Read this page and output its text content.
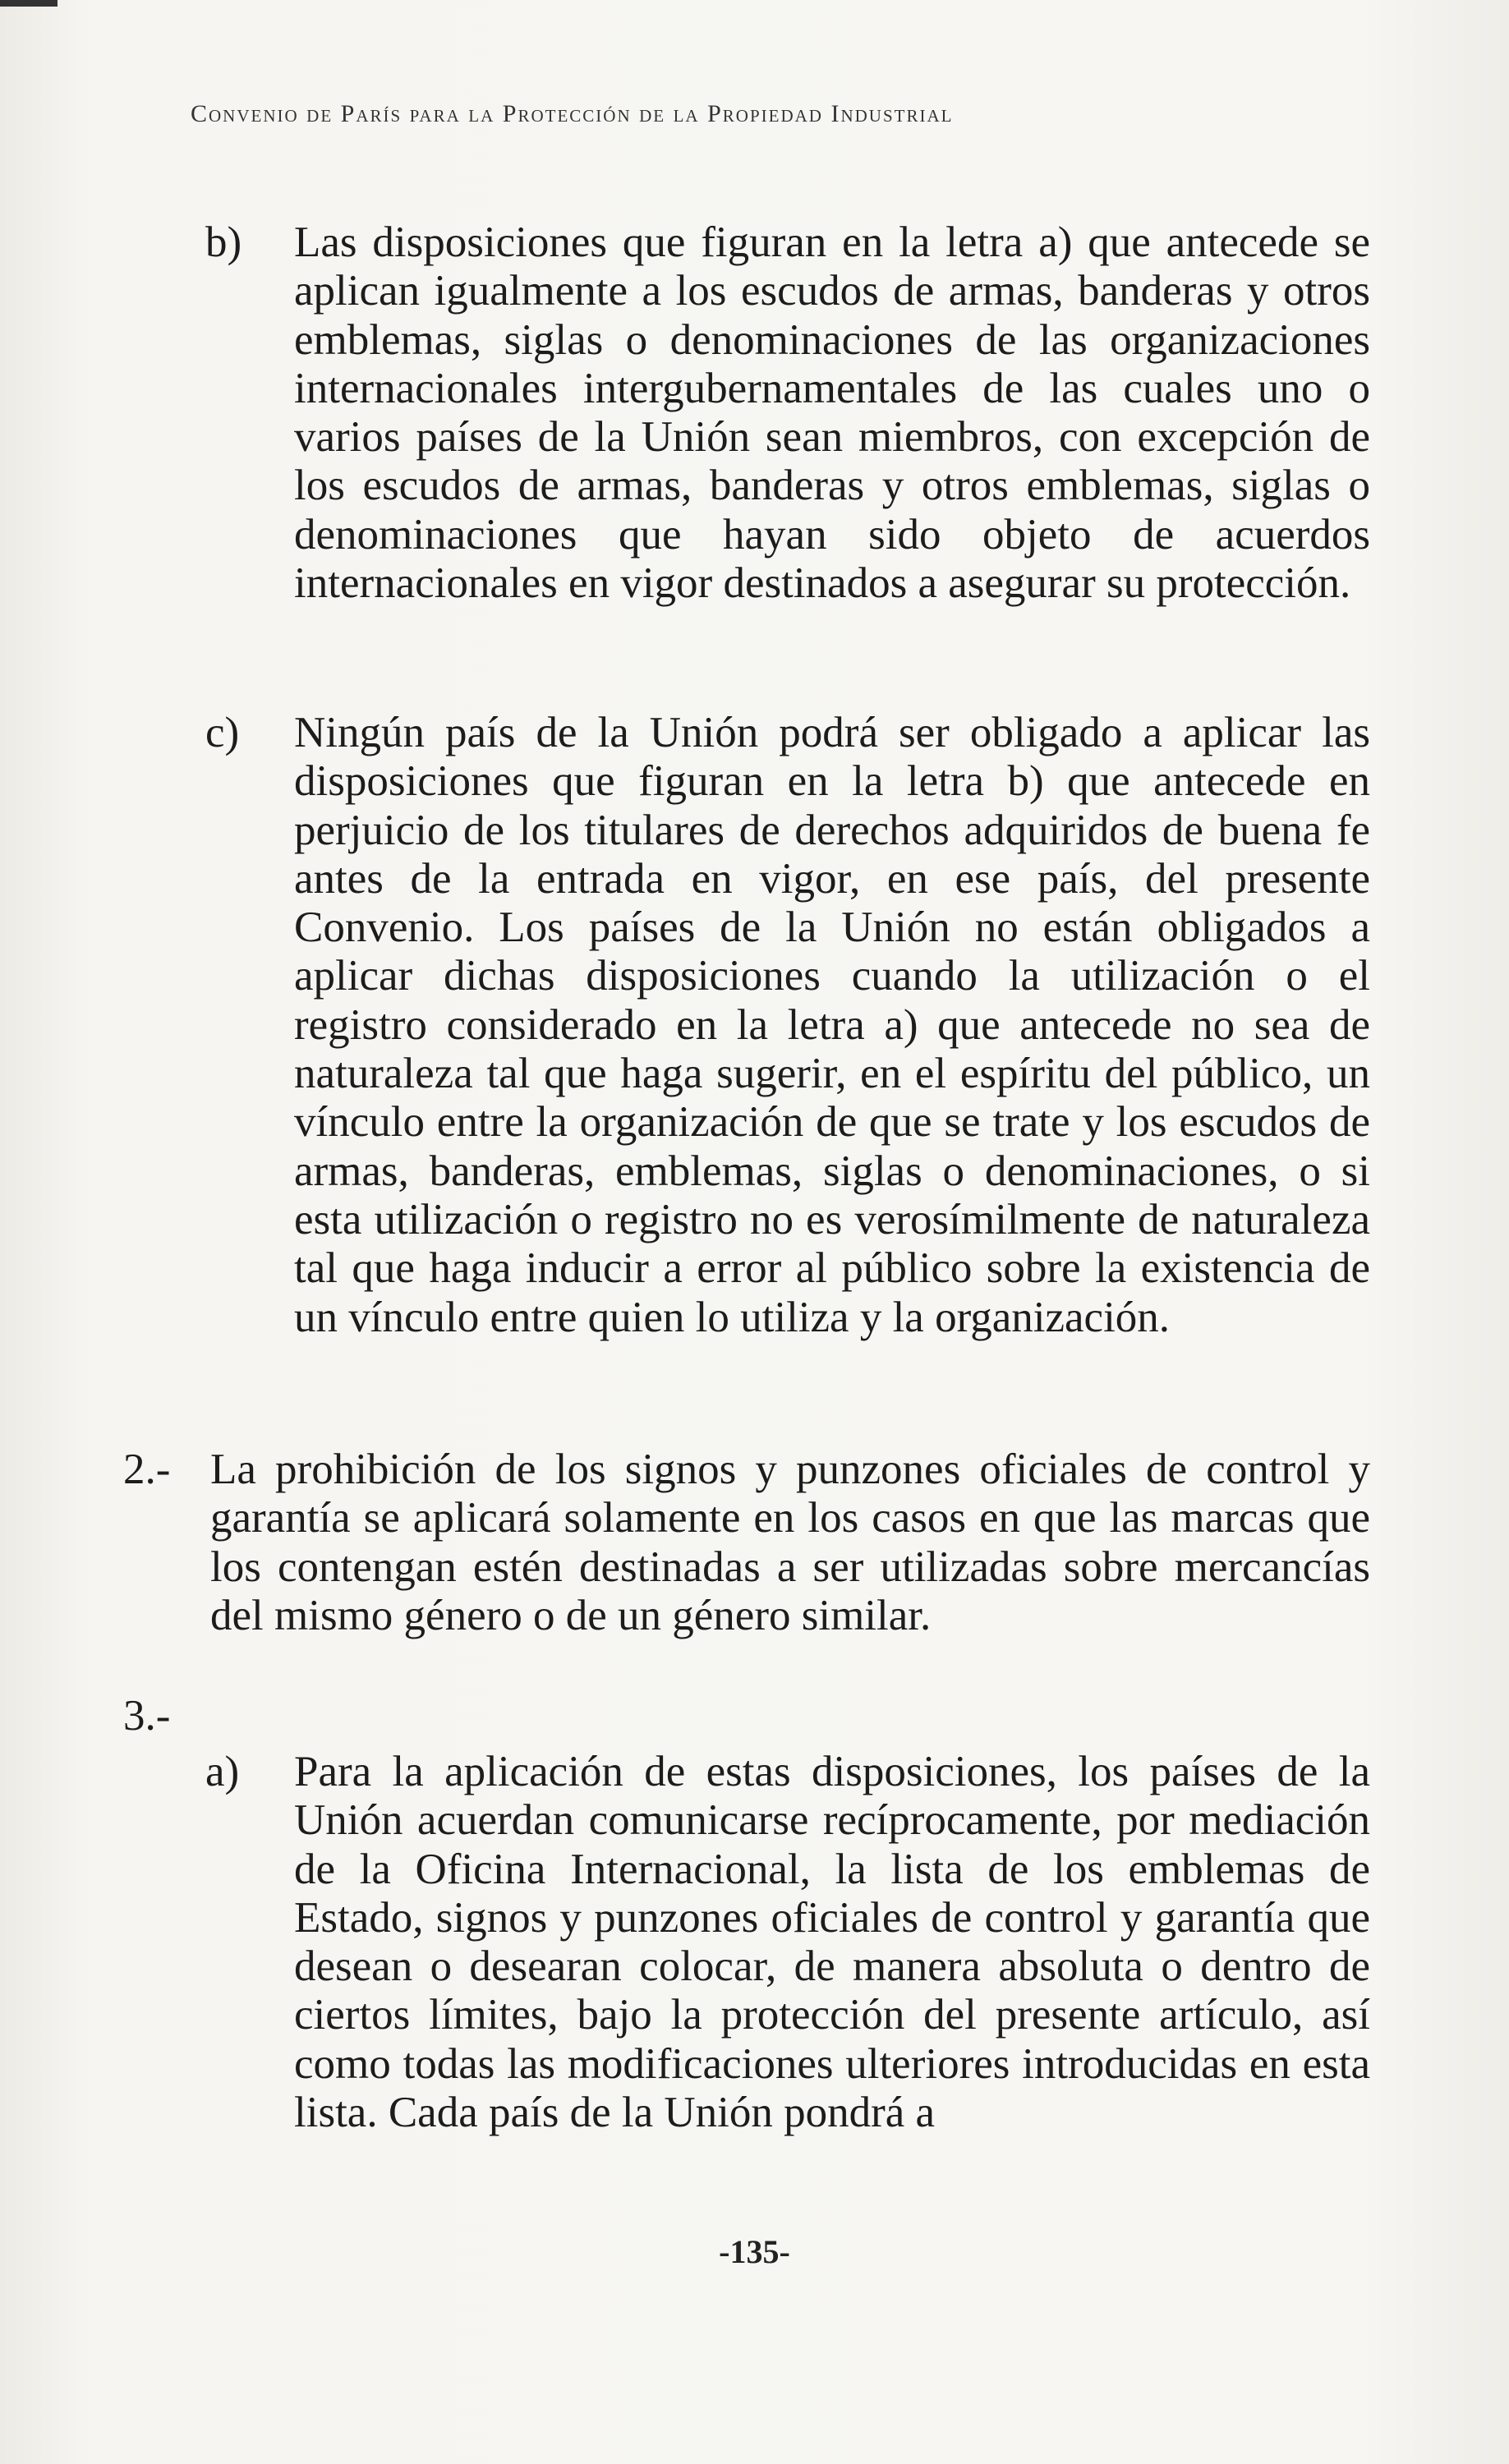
Convenio de París para la Protección de la Propiedad Industrial
b) Las disposiciones que figuran en la letra a) que antecede se aplican igualmente a los escudos de armas, banderas y otros emblemas, siglas o denominaciones de las organizaciones internacionales intergubernamentales de las cuales uno o varios países de la Unión sean miembros, con excepción de los escudos de armas, banderas y otros emblemas, siglas o denominaciones que hayan sido objeto de acuerdos internacionales en vigor destinados a asegurar su protección.
c) Ningún país de la Unión podrá ser obligado a aplicar las disposiciones que figuran en la letra b) que antecede en perjuicio de los titulares de derechos adquiridos de buena fe antes de la entrada en vigor, en ese país, del presente Convenio. Los países de la Unión no están obligados a aplicar dichas disposiciones cuando la utilización o el registro considerado en la letra a) que antecede no sea de naturaleza tal que haga sugerir, en el espíritu del público, un vínculo entre la organización de que se trate y los escudos de armas, banderas, emblemas, siglas o denominaciones, o si esta utilización o registro no es verosímilmente de naturaleza tal que haga inducir a error al público sobre la existencia de un vínculo entre quien lo utiliza y la organización.
2.- La prohibición de los signos y punzones oficiales de control y garantía se aplicará solamente en los casos en que las marcas que los contengan estén destinadas a ser utilizadas sobre mercancías del mismo género o de un género similar.
3.-
a) Para la aplicación de estas disposiciones, los países de la Unión acuerdan comunicarse recíprocamente, por mediación de la Oficina Internacional, la lista de los emblemas de Estado, signos y punzones oficiales de control y garantía que desean o desearan colocar, de manera absoluta o dentro de ciertos límites, bajo la protección del presente artículo, así como todas las modificaciones ulteriores introducidas en esta lista. Cada país de la Unión pondrá a
-135-
